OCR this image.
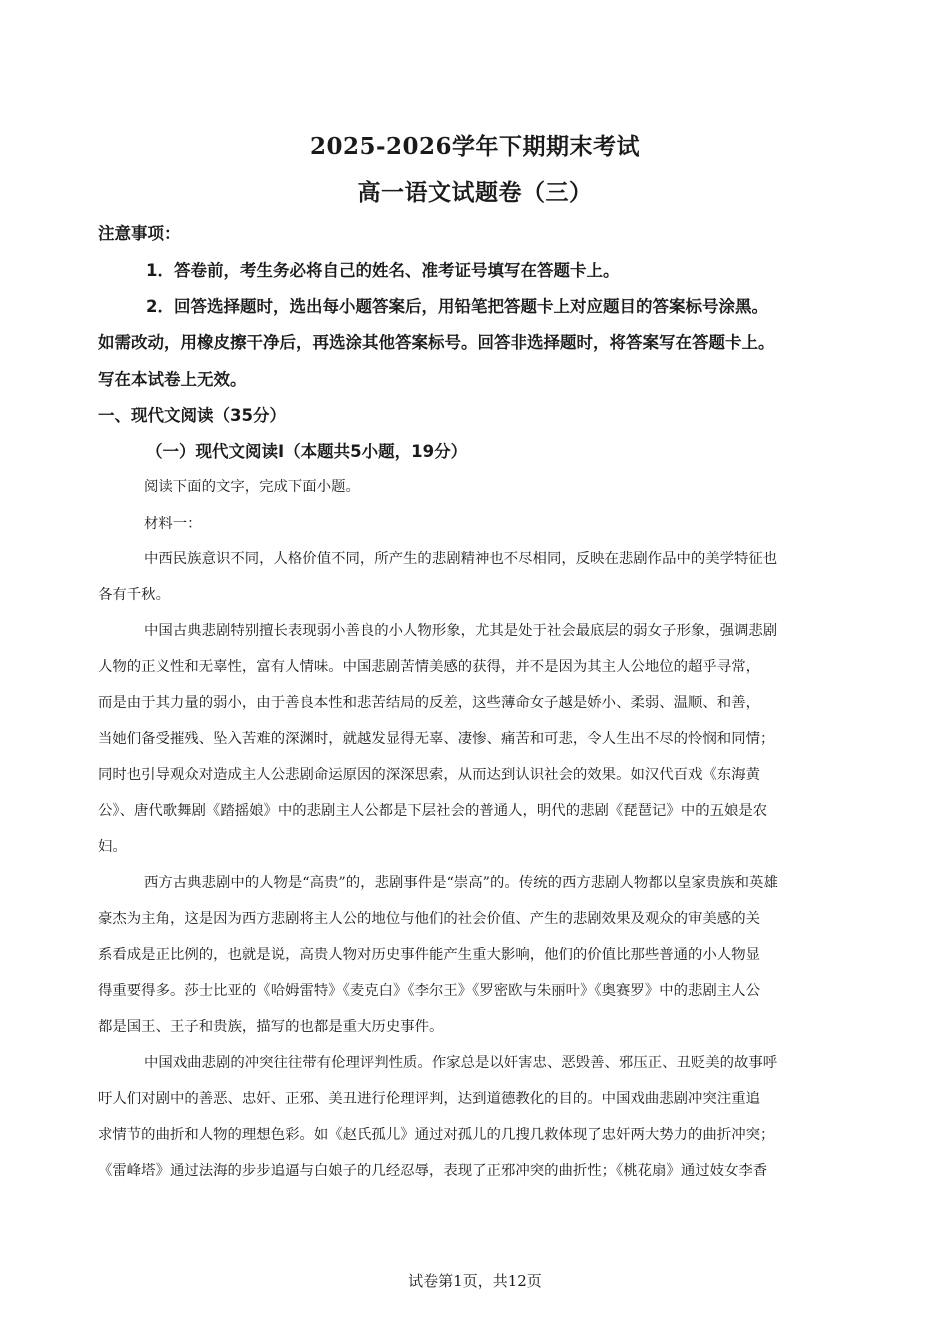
2025-2026学年下期期末考试
高一语文试题卷（三）
注意事项：
1．答卷前，考生务必将自己的姓名、准考证号填写在答题卡上。
2．回答选择题时，选出每小题答案后，用铅笔把答题卡上对应题目的答案标号涂黑。
如需改动，用橡皮擦干净后，再选涂其他答案标号。回答非选择题时，将答案写在答题卡上。
写在本试卷上无效。
一、现代文阅读（35分）
（一）现代文阅读I（本题共5小题，19分）
阅读下面的文字，完成下面小题。
材料一：
中西民族意识不同，人格价值不同，所产生的悲剧精神也不尽相同，反映在悲剧作品中的美学特征也
各有千秋。
中国古典悲剧特别擅长表现弱小善良的小人物形象，尤其是处于社会最底层的弱女子形象，强调悲剧
人物的正义性和无辜性，富有人情味。中国悲剧苦情美感的获得，并不是因为其主人公地位的超乎寻常，
而是由于其力量的弱小，由于善良本性和悲苦结局的反差，这些薄命女子越是娇小、柔弱、温顺、和善，
当她们备受摧残、坠入苦难的深渊时，就越发显得无辜、凄惨、痛苦和可悲，令人生出不尽的怜悯和同情；
同时也引导观众对造成主人公悲剧命运原因的深深思索，从而达到认识社会的效果。如汉代百戏《东海黄
公》、唐代歌舞剧《踏摇娘》中的悲剧主人公都是下层社会的普通人，明代的悲剧《琵琶记》中的五娘是农
妇。
西方古典悲剧中的人物是“高贵”的，悲剧事件是“崇高”的。传统的西方悲剧人物都以皇家贵族和英雄
豪杰为主角，这是因为西方悲剧将主人公的地位与他们的社会价值、产生的悲剧效果及观众的审美感的关
系看成是正比例的，也就是说，高贵人物对历史事件能产生重大影响，他们的价值比那些普通的小人物显
得重要得多。莎士比亚的《哈姆雷特》《麦克白》《李尔王》《罗密欧与朱丽叶》《奥赛罗》中的悲剧主人公
都是国王、王子和贵族，描写的也都是重大历史事件。
中国戏曲悲剧的冲突往往带有伦理评判性质。作家总是以奸害忠、恶毁善、邪压正、丑贬美的故事呼
吁人们对剧中的善恶、忠奸、正邪、美丑进行伦理评判，达到道德教化的目的。中国戏曲悲剧冲突注重追
求情节的曲折和人物的理想色彩。如《赵氏孤儿》通过对孤儿的几搜几救体现了忠奸两大势力的曲折冲突；
《雷峰塔》通过法海的步步追逼与白娘子的几经忍辱，表现了正邪冲突的曲折性；《桃花扇》通过妓女李香
试卷第1页，共12页
